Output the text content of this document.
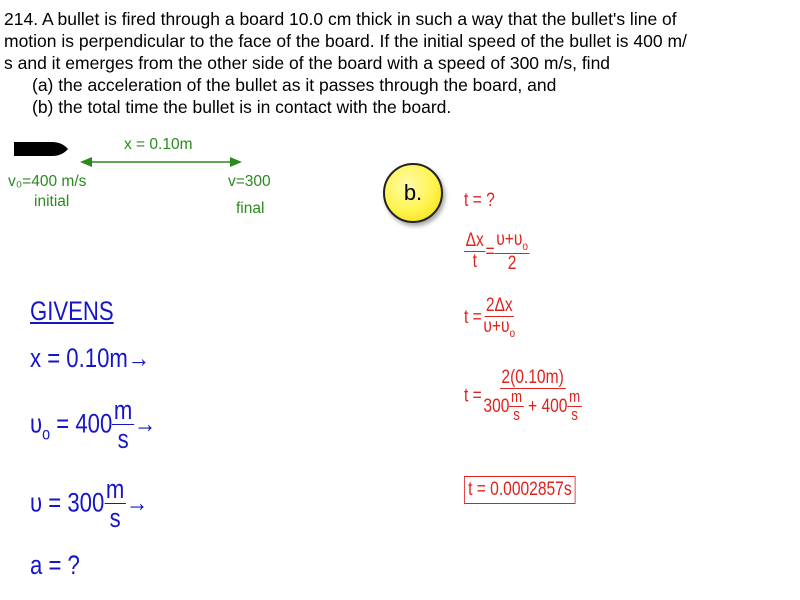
214. A bullet is fired through a board 10.0 cm thick in such a way that the bullet's line of
motion is perpendicular to the face of the board. If the initial speed of the bullet is 400 m/
s and it emerges from the other side of the board with a speed of 300 m/s, find
(a) the acceleration of the bullet as it passes through the board, and
(b) the total time the bullet is in contact with the board.
x = 0.10m
v₀=400 m/s
initial
v=300
final
b.
GIVENS
x = 0.10m→
$\upsilon_o = 400 \frac{m}{s}$ →
$\upsilon = 300 \frac{m}{s}$ →
a = ?
t = ?
$\frac{\Delta x}{t} = \frac{\upsilon+\upsilon_o}{2}$
$t = \frac{2\Delta x}{\upsilon+\upsilon_o}$
$t = \frac{2(0.10m)}{300 \frac{m}{s} + 400 \frac{m}{s}}$
t = 0.0002857s
